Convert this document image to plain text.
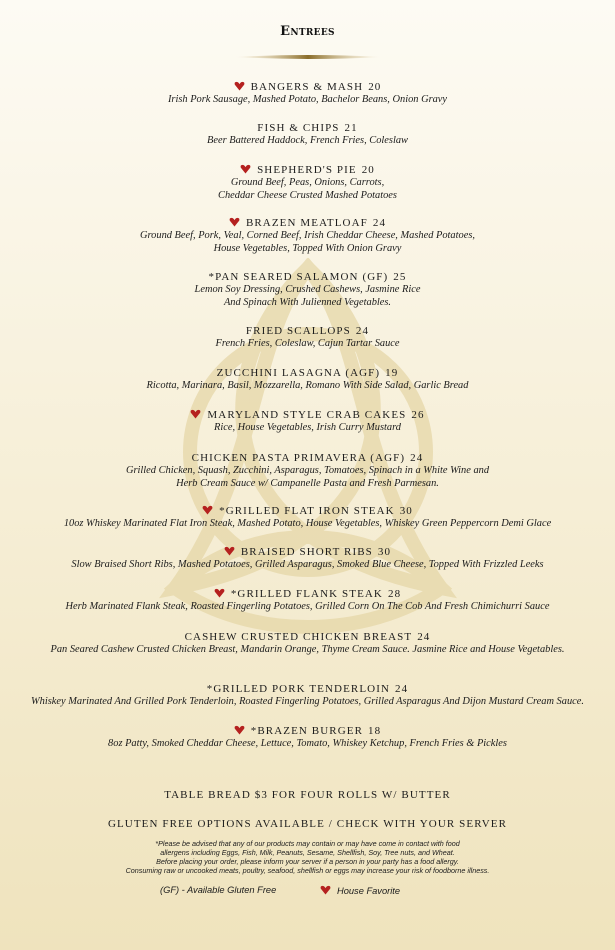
Entrees
BANGERS & MASH 20
Irish Pork Sausage, Mashed Potato, Bachelor Beans, Onion Gravy
FISH & CHIPS 21
Beer Battered Haddock, French Fries, Coleslaw
SHEPHERD'S PIE 20
Ground Beef, Peas, Onions, Carrots,
Cheddar Cheese Crusted Mashed Potatoes
BRAZEN MEATLOAF 24
Ground Beef, Pork, Veal, Corned Beef, Irish Cheddar Cheese, Mashed Potatoes,
House Vegetables, Topped With Onion Gravy
*PAN SEARED SALAMON (GF) 25
Lemon Soy Dressing, Crushed Cashews, Jasmine Rice
And Spinach With Julienned Vegetables.
FRIED SCALLOPS 24
French Fries, Coleslaw, Cajun Tartar Sauce
ZUCCHINI LASAGNA (AGF) 19
Ricotta, Marinara, Basil, Mozzarella, Romano With Side Salad, Garlic Bread
MARYLAND STYLE CRAB CAKES 26
Rice, House Vegetables, Irish Curry Mustard
CHICKEN PASTA PRIMAVERA (AGF) 24
Grilled Chicken, Squash, Zucchini, Asparagus, Tomatoes, Spinach in a White Wine and
Herb Cream Sauce w/ Campanelle Pasta and Fresh Parmesan.
*GRILLED FLAT IRON STEAK 30
10oz Whiskey Marinated Flat Iron Steak, Mashed Potato, House Vegetables, Whiskey Green Peppercorn Demi Glace
BRAISED SHORT RIBS 30
Slow Braised Short Ribs, Mashed Potatoes, Grilled Asparagus, Smoked Blue Cheese, Topped With Frizzled Leeks
*GRILLED FLANK STEAK 28
Herb Marinated Flank Steak, Roasted Fingerling Potatoes, Grilled Corn On The Cob And Fresh Chimichurri Sauce
CASHEW CRUSTED CHICKEN BREAST 24
Pan Seared Cashew Crusted Chicken Breast, Mandarin Orange, Thyme Cream Sauce. Jasmine Rice and House Vegetables.
*GRILLED PORK TENDERLOIN 24
Whiskey Marinated And Grilled Pork Tenderloin, Roasted Fingerling Potatoes, Grilled Asparagus And Dijon Mustard Cream Sauce.
*BRAZEN BURGER 18
8oz Patty, Smoked Cheddar Cheese, Lettuce, Tomato, Whiskey Ketchup, French Fries & Pickles
TABLE BREAD $3 FOR FOUR ROLLS W/ BUTTER
GLUTEN FREE OPTIONS AVAILABLE / CHECK WITH YOUR SERVER
*Please be advised that any of our products may contain or may have come in contact with food
allergens including Eggs, Fish, Milk, Peanuts, Sesame, Shellfish, Soy, Tree nuts, and Wheat.
Before placing your order, please inform your server if a person in your party has a food allergy.
Consuming raw or uncooked meats, poultry, seafood, shellfish or eggs may increase your risk of foodborne illness.
(GF) - Available Gluten Free	House Favorite
